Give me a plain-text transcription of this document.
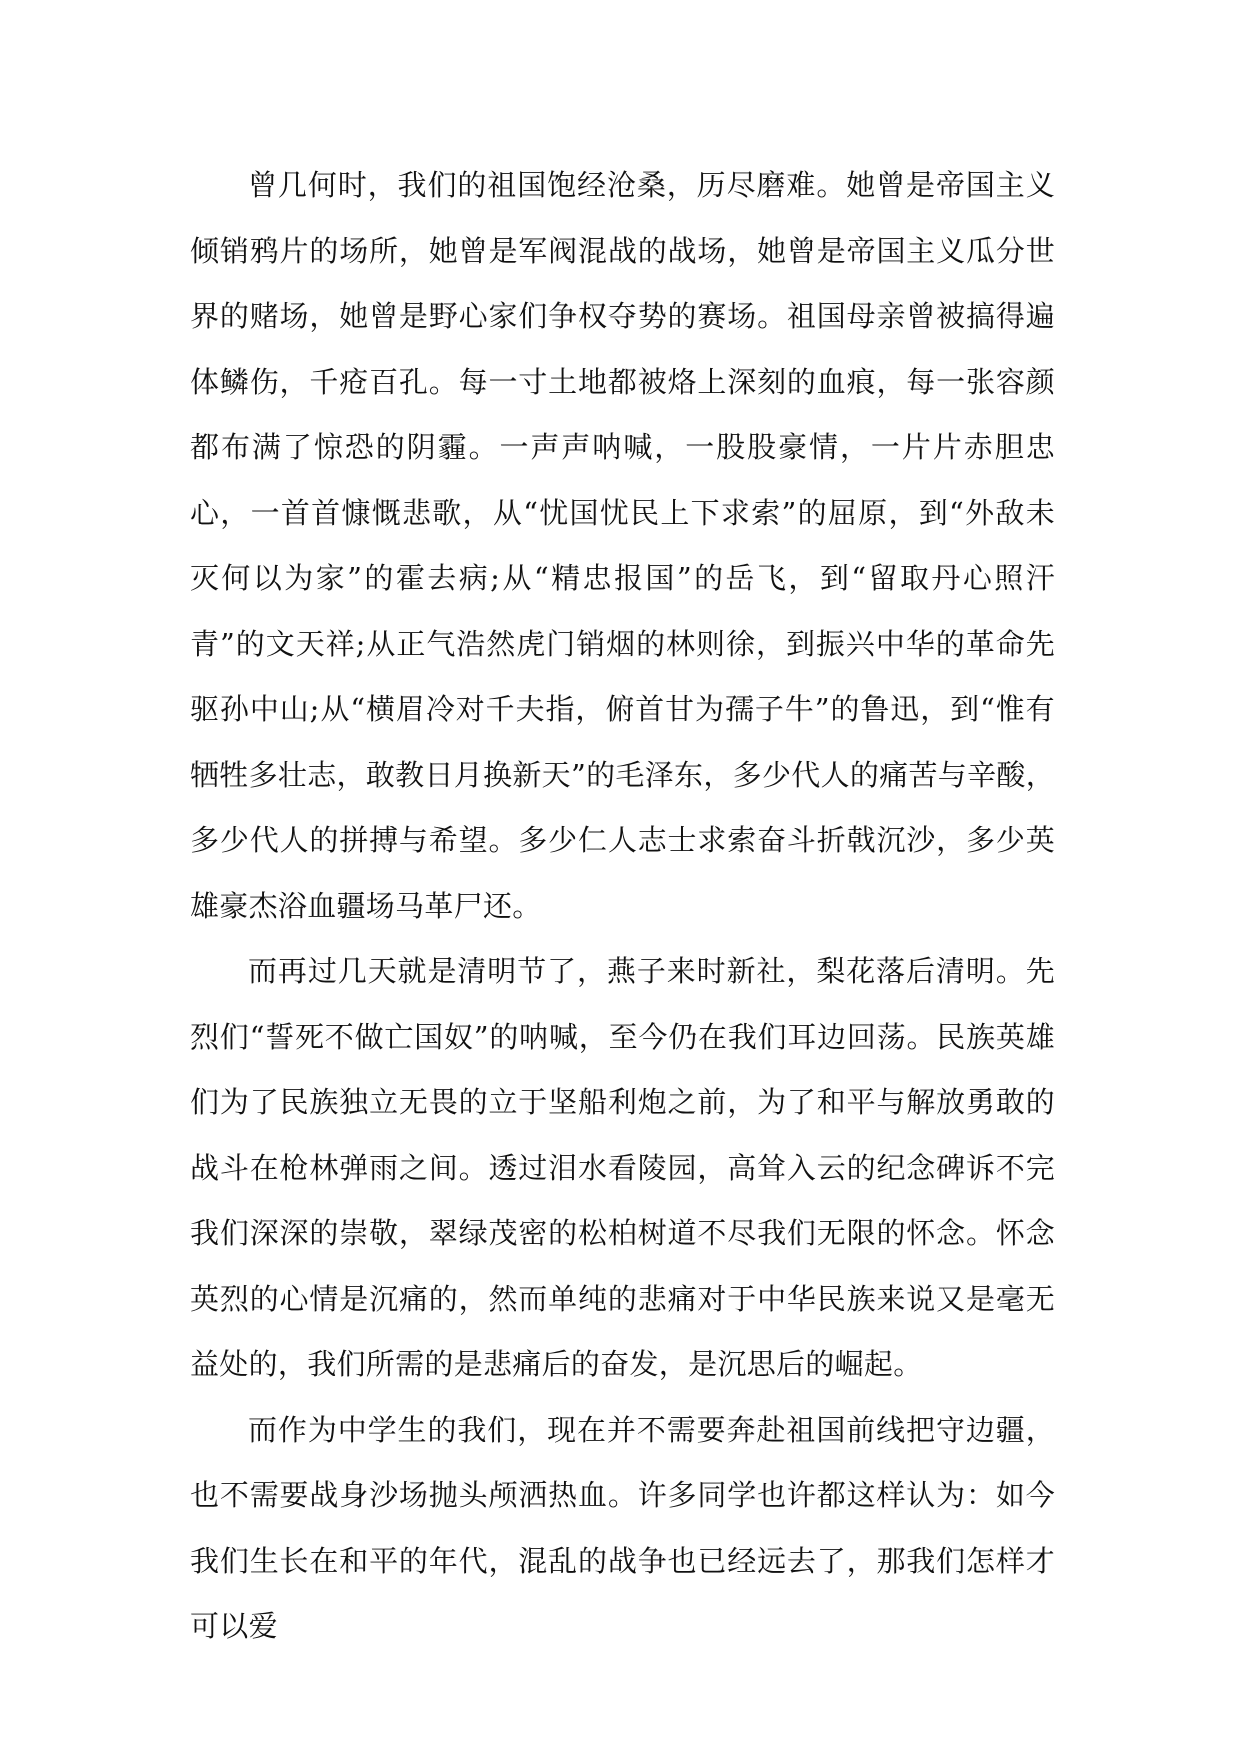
曾几何时，我们的祖国饱经沧桑，历尽磨难。她曾是帝国主义倾销鸦片的场所，她曾是军阀混战的战场，她曾是帝国主义瓜分世界的赌场，她曾是野心家们争权夺势的赛场。祖国母亲曾被搞得遍体鳞伤，千疮百孔。每一寸土地都被烙上深刻的血痕，每一张容颜都布满了惊恐的阴霾。一声声呐喊，一股股豪情，一片片赤胆忠心，一首首慷慨悲歌，从“忧国忧民上下求索”的屈原，到“外敌未灭何以为家”的霍去病;从“精忠报国”的岳飞，到“留取丹心照汗青”的文天祥;从正气浩然虎门销烟的林则徐，到振兴中华的革命先驱孙中山;从“横眉冷对千夫指，俯首甘为孺子牛”的鲁迅，到“惟有牺牲多壮志，敢教日月换新天”的毛泽东，多少代人的痛苦与辛酸，多少代人的拼搏与希望。多少仁人志士求索奋斗折戟沉沙，多少英雄豪杰浴血疆场马革尸还。

而再过几天就是清明节了，燕子来时新社，梨花落后清明。先烈们“誓死不做亡国奴”的呐喊，至今仍在我们耳边回荡。民族英雄们为了民族独立无畏的立于坚船利炮之前，为了和平与解放勇敢的战斗在枪林弹雨之间。透过泪水看陵园，高耸入云的纪念碑诉不完我们深深的崇敬，翠绿茂密的松柏树道不尽我们无限的怀念。怀念英烈的心情是沉痛的，然而单纯的悲痛对于中华民族来说又是毫无益处的，我们所需的是悲痛后的奋发，是沉思后的崛起。

而作为中学生的我们，现在并不需要奔赴祖国前线把守边疆，也不需要战身沙场抛头颅洒热血。许多同学也许都这样认为：如今我们生长在和平的年代，混乱的战争也已经远去了，那我们怎样才可以爱
